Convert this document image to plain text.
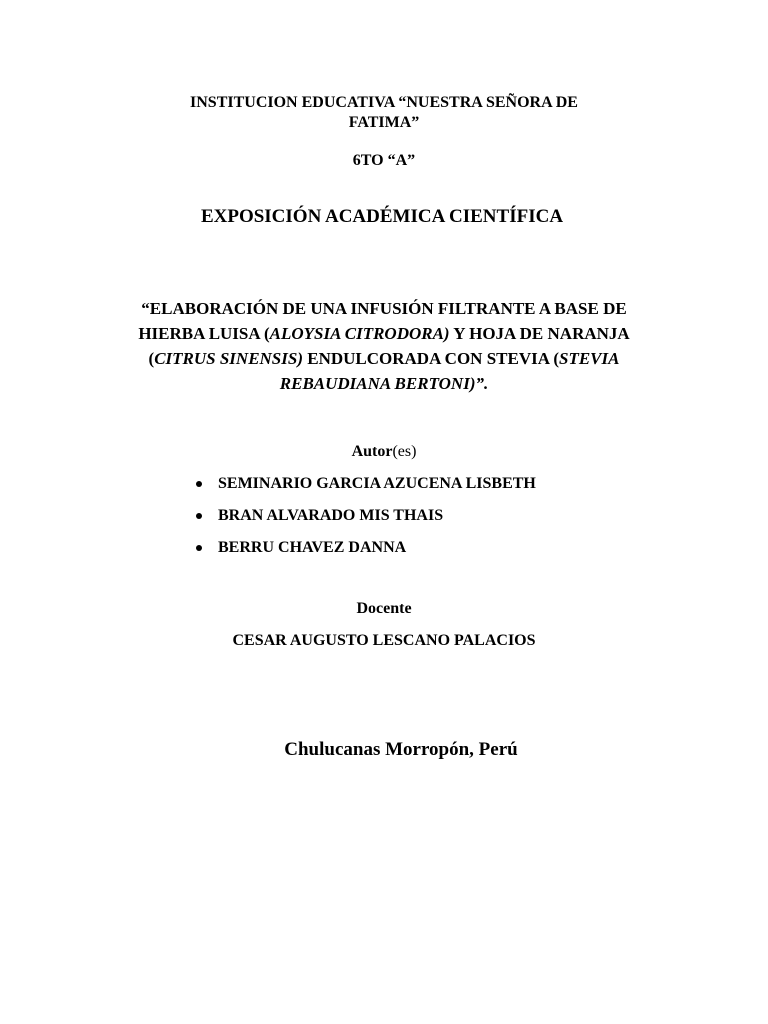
INSTITUCION EDUCATIVA “NUESTRA SEÑORA DE
FATIMA”
6TO “A”
EXPOSICIÓN ACADÉMICA CIENTÍFICA
“ELABORACIÓN DE UNA INFUSIÓN FILTRANTE A BASE DE
HIERBA LUISA (ALOYSIA CITRODORA) Y HOJA DE NARANJA
(CITRUS SINENSIS) ENDULCORADA CON STEVIA (STEVIA
REBAUDIANA BERTONI)”.
Autor(es)
SEMINARIO GARCIA AZUCENA LISBETH
BRAN ALVARADO MIS THAIS
BERRU CHAVEZ DANNA
Docente
CESAR AUGUSTO LESCANO PALACIOS
Chulucanas Morropón, Perú
